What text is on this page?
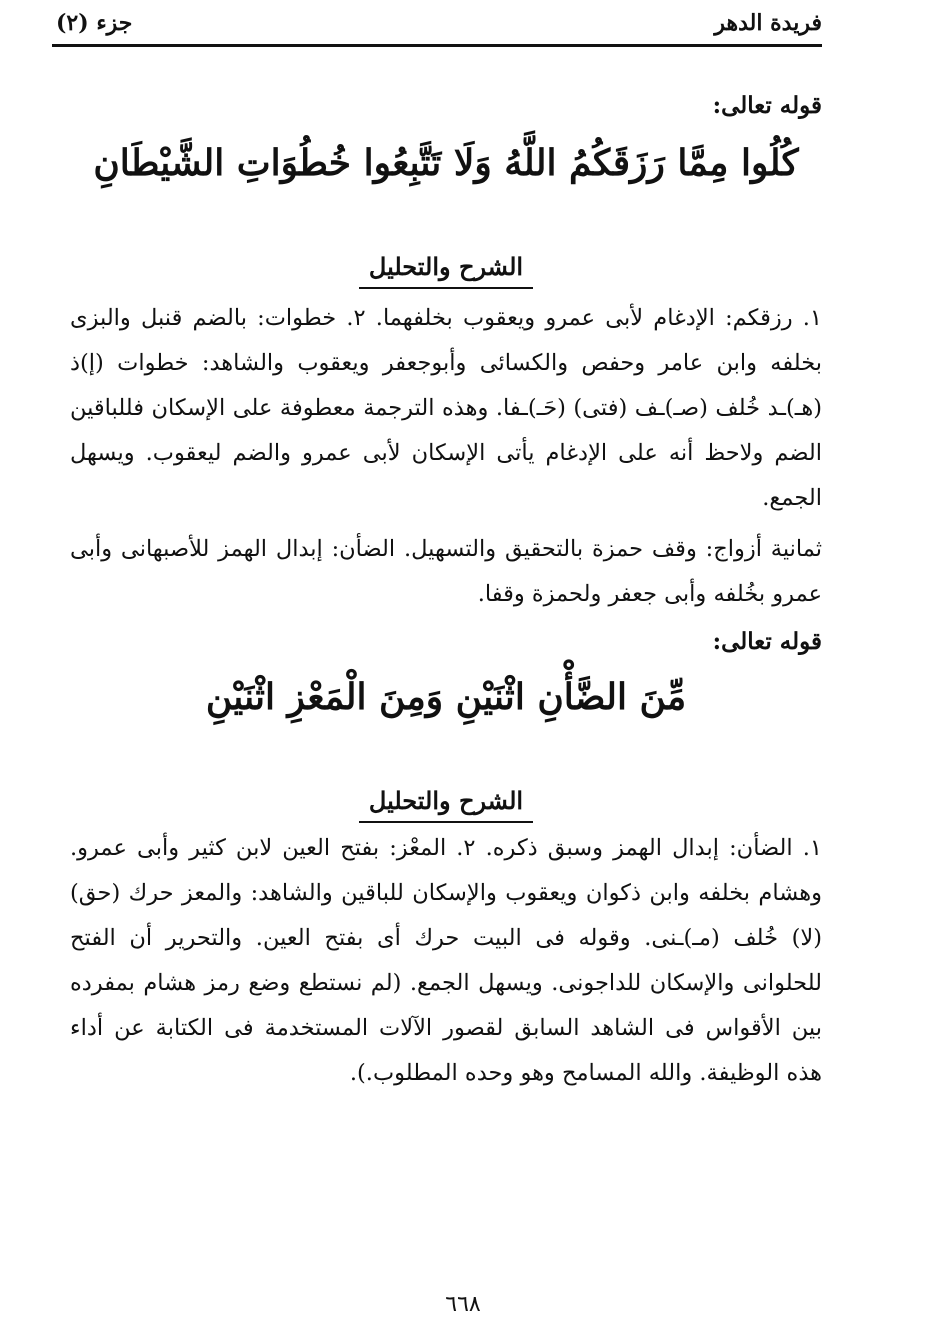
فريدة الدهر
جزء (٢)
قوله تعالى:
كُلُوا مِمَّا رَزَقَكُمُ اللَّهُ وَلَا تَتَّبِعُوا خُطُوَاتِ الشَّيْطَانِ
الشرح والتحليل

١. رزقكم: الإدغام لأبى عمرو ويعقوب بخلفهما. ٢. خطوات: بالضم قنبل والبزى بخلفه وابن عامر وحفص والكسائى وأبوجعفر ويعقوب والشاهد: خطوات (إ)ذ (هـ)ـد خُلف (صـ)ـف (فتى) (حَـ)ـفا. وهذه الترجمة معطوفة على الإسكان فللباقين الضم ولاحظ أنه على الإدغام يأتى الإسكان لأبى عمرو والضم ليعقوب. ويسهل الجمع.

ثمانية أزواج: وقف حمزة بالتحقيق والتسهيل. الضأن: إبدال الهمز للأصبهانى وأبى عمرو بخُلفه وأبى جعفر ولحمزة وقفا.

قوله تعالى:
مِّنَ الضَّأْنِ اثْنَيْنِ وَمِنَ الْمَعْزِ اثْنَيْنِ
الشرح والتحليل

١. الضأن: إبدال الهمز وسبق ذكره. ٢. المعْز: بفتح العين لابن كثير وأبى عمرو. وهشام بخلفه وابن ذكوان ويعقوب والإسكان للباقين والشاهد: والمعز حرك (حق) (لا) خُلف (مـ)ـنى. وقوله فى البيت حرك أى بفتح العين. والتحرير أن الفتح للحلوانى والإسكان للداجونى. ويسهل الجمع. (لم نستطع وضع رمز هشام بمفرده بين الأقواس فى الشاهد السابق لقصور الآلات المستخدمة فى الكتابة عن أداء هذه الوظيفة. والله المسامح وهو وحده المطلوب.).

٦٦٨
